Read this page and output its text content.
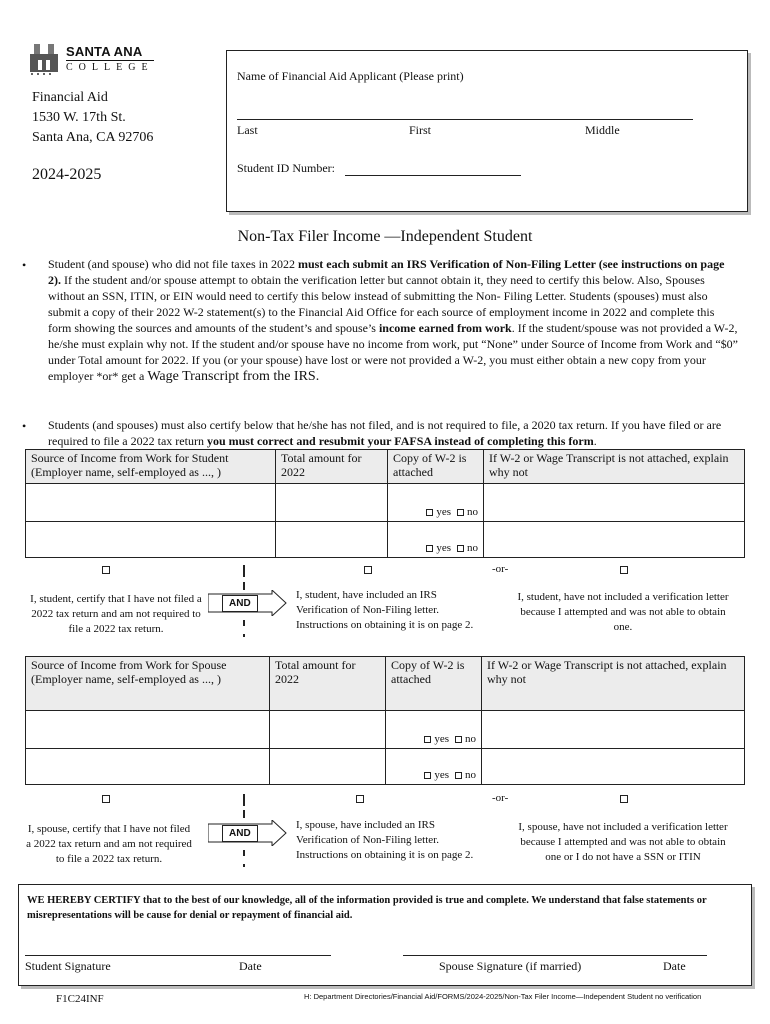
SANTA ANA
COLLEGE
Financial Aid
1530 W. 17th St.
Santa Ana, CA 92706
2024-2025
Name of Financial Aid Applicant (Please print)
Last	First	Middle
Student ID Number:
Non-Tax Filer Income —Independent Student
• Student (and spouse) who did not file taxes in 2022 must each submit an IRS Verification of Non-Filing Letter (see instructions on page 2). If the student and/or spouse attempt to obtain the verification letter but cannot obtain it, they need to certify this below. Also, Spouses without an SSN, ITIN, or EIN would need to certify this below instead of submitting the Non- Filing Letter. Students (spouses) must also submit a copy of their 2022 W-2 statement(s) to the Financial Aid Office for each source of employment income in 2022 and complete this form showing the sources and amounts of the student’s and spouse’s income earned from work. If the student/spouse was not provided a W-2, he/she must explain why not. If the student and/or spouse have no income from work, put “None” under Source of Income from Work and “$0” under Total amount for 2022. If you (or your spouse) have lost or were not provided a W-2, you must either obtain a new copy from your employer *or* get a Wage Transcript from the IRS.
• Students (and spouses) must also certify below that he/she has not filed, and is not required to file, a 2020 tax return. If you have filed or are required to file a 2022 tax return you must correct and resubmit your FAFSA instead of completing this form.
Source of Income from Work for Student (Employer name, self-employed as ..., )	Total amount for 2022	Copy of W-2 is attached	If W-2 or Wage Transcript is not attached, explain why not
		yes no	
		yes no	
-or-
I, student, certify that I have not filed a 2022 tax return and am not required to file a 2022 tax return.
AND
I, student, have included an IRS Verification of Non-Filing letter. Instructions on obtaining it is on page 2.
I, student, have not included a verification letter because I attempted and was not able to obtain one.
Source of Income from Work for Spouse (Employer name, self-employed as ..., )	Total amount for 2022	Copy of W-2 is attached	If W-2 or Wage Transcript is not attached, explain why not
		yes no	
		yes no	
-or-
I, spouse, certify that I have not filed a 2022 tax return and am not required to file a 2022 tax return.
AND
I, spouse, have included an IRS Verification of Non-Filing letter. Instructions on obtaining it is on page 2.
I, spouse, have not included a verification letter because I attempted and was not able to obtain one or I do not have a SSN or ITIN
WE HEREBY CERTIFY that to the best of our knowledge, all of the information provided is true and complete. We understand that false statements or misrepresentations will be cause for denial or repayment of financial aid.
Student Signature	Date	Spouse Signature (if married)	Date
F1C24INF	H: Department Directories/Financial Aid/FORMS/2024-2025/Non-Tax Filer Income—Independent Student no verification
